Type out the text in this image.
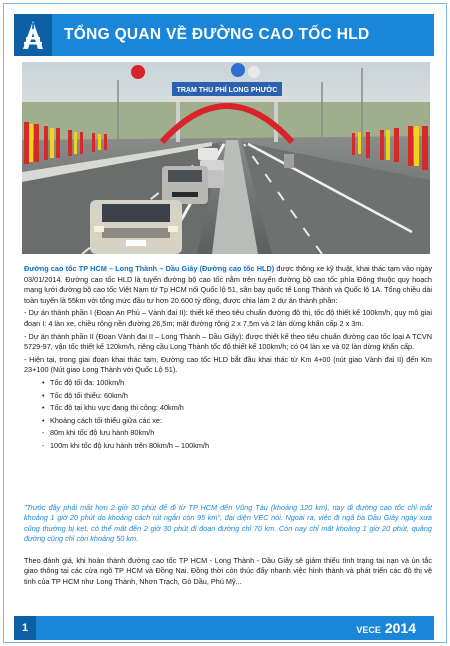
TỔNG QUAN VỀ ĐƯỜNG CAO TỐC HLD
TRẠM THU PHÍ LONG PHƯỚC

Đường cao tốc TP HCM – Long Thành – Dầu Giây (Đường cao tốc HLD) được thông xe kỹ thuật, khai thác tạm vào ngày 03/01/2014. Đường cao tốc HLD là tuyến đường bộ cao tốc nằm trên tuyến đường bộ cao tốc phía Đông thuộc quy hoạch mạng lưới đường bộ cao tốc Việt Nam từ Tp HCM nối Quốc lộ 51, sân bay quốc tế Long Thành và Quốc lộ 1A. Tổng chiều dài toàn tuyến là 55km với tổng mức đầu tư hơn 20.600 tỷ đồng, được chia làm 2 dự án thành phần:

- Dự án thành phần I (Đoạn An Phú – Vành đai II): thiết kế theo tiêu chuẩn đường đô thị, tốc độ thiết kế 100km/h, quy mô giai đoạn I: 4 làn xe, chiều rộng nền đường 26,5m; mặt đường rộng 2 x 7,5m và 2 làn dừng khẩn cấp 2 x 3m.

- Dự án thành phần II (Đoạn Vành đai II – Long Thành – Dầu Giây): được thiết kế theo tiêu chuẩn đường cao tốc loại A TCVN 5729-97, vận tốc thiết kế 120km/h, riêng cầu Long Thành tốc độ thiết kế 100km/h; có 04 làn xe và 02 làn dừng khẩn cấp.

- Hiện tại, trong giai đoạn khai thác tạm, Đường cao tốc HLD bắt đầu khai thác từ Km 4+00 (nút giao Vành đai II) đến Km 23+100 (Nút giao Long Thành với Quốc Lộ 51).

• Tốc độ tối đa: 100km/h
• Tốc độ tối thiểu: 60km/h
• Tốc độ tại khu vực đang thi công: 40km/h
• Khoảng cách tối thiểu giữa các xe:
- 80m khi tốc độ lưu hành 80km/h
- 100m khi tốc độ lưu hành trên 80km/h – 100km/h
"Trước đây phải mất hơn 2 giờ 30 phút để đi từ TP HCM đến Vũng Tàu (khoảng 120 km), nay đi đường cao tốc chỉ mất khoảng 1 giờ 20 phút do khoảng cách rút ngắn còn 95 km", đại diện VEC nói. Ngoài ra, việc đi ngã ba Dầu Giây ngày xưa cũng thường bị kẹt, có thể mất đến 2 giờ 30 phút đi đoạn đường chỉ 70 km. Còn nay chỉ mất khoảng 1 giờ 20 phút, quãng đường cũng chỉ còn khoảng 50 km.
Theo đánh giá, khi hoàn thành đường cao tốc TP HCM - Long Thành - Dầu Giây sẽ giảm thiểu tình trạng tai nạn và ùn tắc giao thông tại các cửa ngõ TP HCM và Đồng Nai. Đồng thời còn thúc đẩy nhanh việc hình thành và phát triển các đô thị vệ tinh của TP HCM như Long Thành, Nhơn Trạch, Gò Dầu, Phú Mỹ...
1	VECE 2014
